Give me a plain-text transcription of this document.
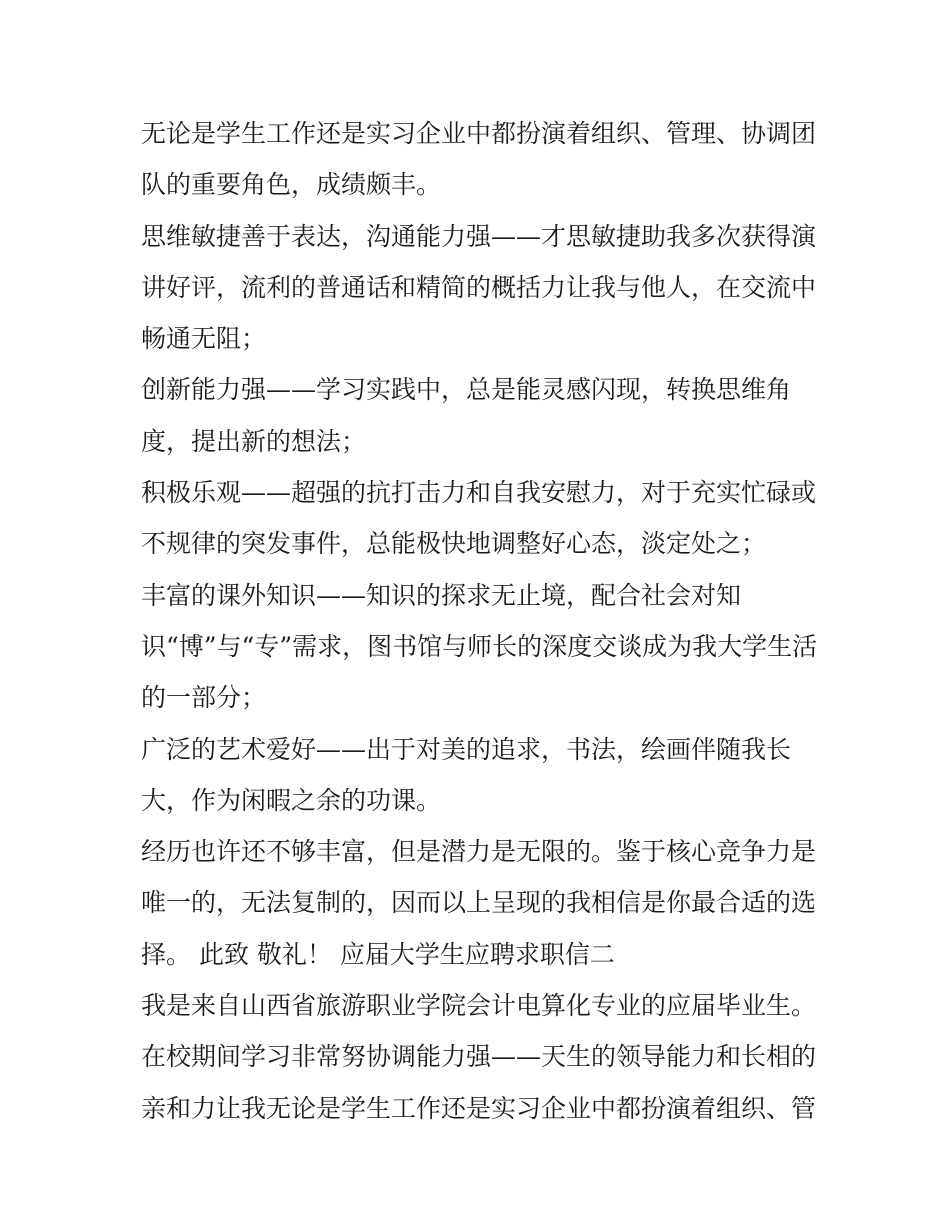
无论是学生工作还是实习企业中都扮演着组织、管理、协调团
队的重要角色，成绩颇丰。
思维敏捷善于表达，沟通能力强——才思敏捷助我多次获得演
讲好评，流利的普通话和精简的概括力让我与他人，在交流中
畅通无阻；
创新能力强——学习实践中，总是能灵感闪现，转换思维角
度，提出新的想法；
积极乐观——超强的抗打击力和自我安慰力，对于充实忙碌或
不规律的突发事件，总能极快地调整好心态，淡定处之；
丰富的课外知识——知识的探求无止境，配合社会对知
识“博”与“专”需求，图书馆与师长的深度交谈成为我大学生活
的一部分；
广泛的艺术爱好——出于对美的追求，书法，绘画伴随我长
大，作为闲暇之余的功课。
经历也许还不够丰富，但是潜力是无限的。鉴于核心竞争力是
唯一的，无法复制的，因而以上呈现的我相信是你最合适的选
择。 此致 敬礼！ 应届大学生应聘求职信二
我是来自山西省旅游职业学院会计电算化专业的应届毕业生。
在校期间学习非常努协调能力强——天生的领导能力和长相的
亲和力让我无论是学生工作还是实习企业中都扮演着组织、管
